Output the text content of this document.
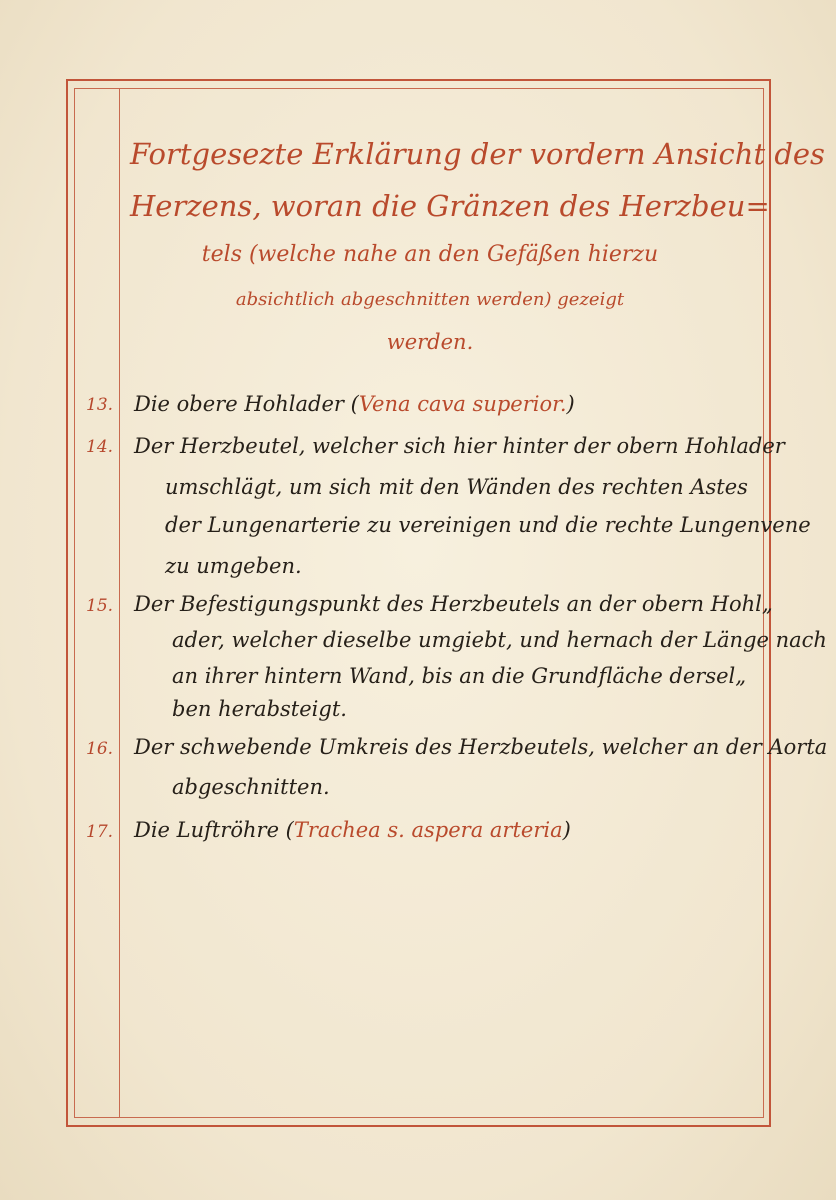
Fortgesezte Erklärung der vordern Ansicht des
Herzens, woran die Gränzen des Herzbeu=
tels (welche nahe an den Gefäßen hierzu
absichtlich abgeschnitten werden) gezeigt
werden.
13. Die obere Hohlader (Vena cava superior.)
14. Der Herzbeutel, welcher sich hier hinter der obern Hohlader
umschlägt, um sich mit den Wänden des rechten Astes
der Lungenarterie zu vereinigen und die rechte Lungenvene
zu umgeben.
15. Der Befestigungspunkt des Herzbeutels an der obern Hohl„
ader, welcher dieselbe umgiebt, und hernach der Länge nach
an ihrer hintern Wand, bis an die Grundfläche dersel„
ben herabsteigt.
16. Der schwebende Umkreis des Herzbeutels, welcher an der Aorta
abgeschnitten.
17. Die Luftröhre (Trachea s. aspera arteria)
